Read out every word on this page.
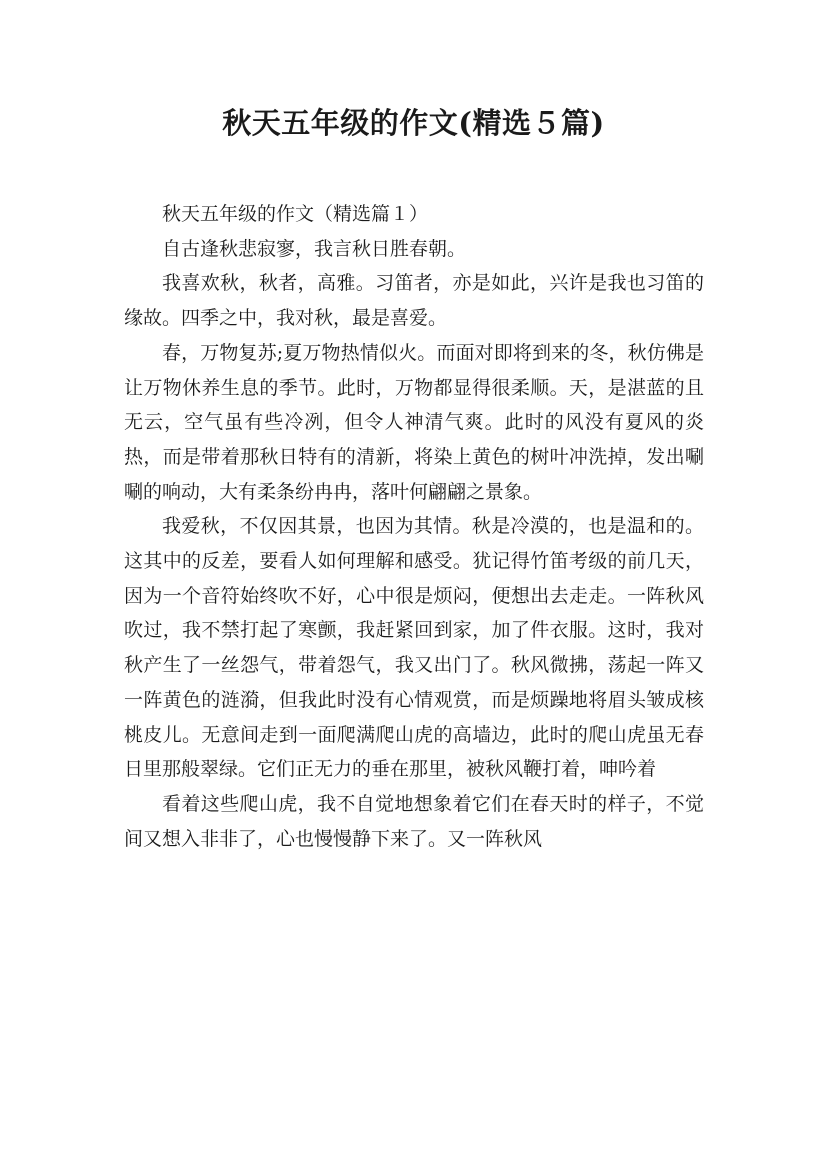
秋天五年级的作文(精选５篇)

秋天五年级的作文（精选篇１）

自古逢秋悲寂寥，我言秋日胜春朝。

我喜欢秋，秋者，高雅。习笛者，亦是如此，兴许是我也习笛的缘故。四季之中，我对秋，最是喜爱。

春，万物复苏;夏万物热情似火。而面对即将到来的冬，秋仿佛是让万物休养生息的季节。此时，万物都显得很柔顺。天，是湛蓝的且无云，空气虽有些冷冽，但令人神清气爽。此时的风没有夏风的炎热，而是带着那秋日特有的清新，将染上黄色的树叶冲洗掉，发出唰唰的响动，大有柔条纷冉冉，落叶何翩翩之景象。

我爱秋，不仅因其景，也因为其情。秋是冷漠的，也是温和的。这其中的反差，要看人如何理解和感受。犹记得竹笛考级的前几天，因为一个音符始终吹不好，心中很是烦闷，便想出去走走。一阵秋风吹过，我不禁打起了寒颤，我赶紧回到家，加了件衣服。这时，我对秋产生了一丝怨气，带着怨气，我又出门了。秋风微拂，荡起一阵又一阵黄色的涟漪，但我此时没有心情观赏，而是烦躁地将眉头皱成核桃皮儿。无意间走到一面爬满爬山虎的高墙边，此时的爬山虎虽无春日里那般翠绿。它们正无力的垂在那里，被秋风鞭打着，呻吟着

看着这些爬山虎，我不自觉地想象着它们在春天时的样子，不觉间又想入非非了，心也慢慢静下来了。又一阵秋风
